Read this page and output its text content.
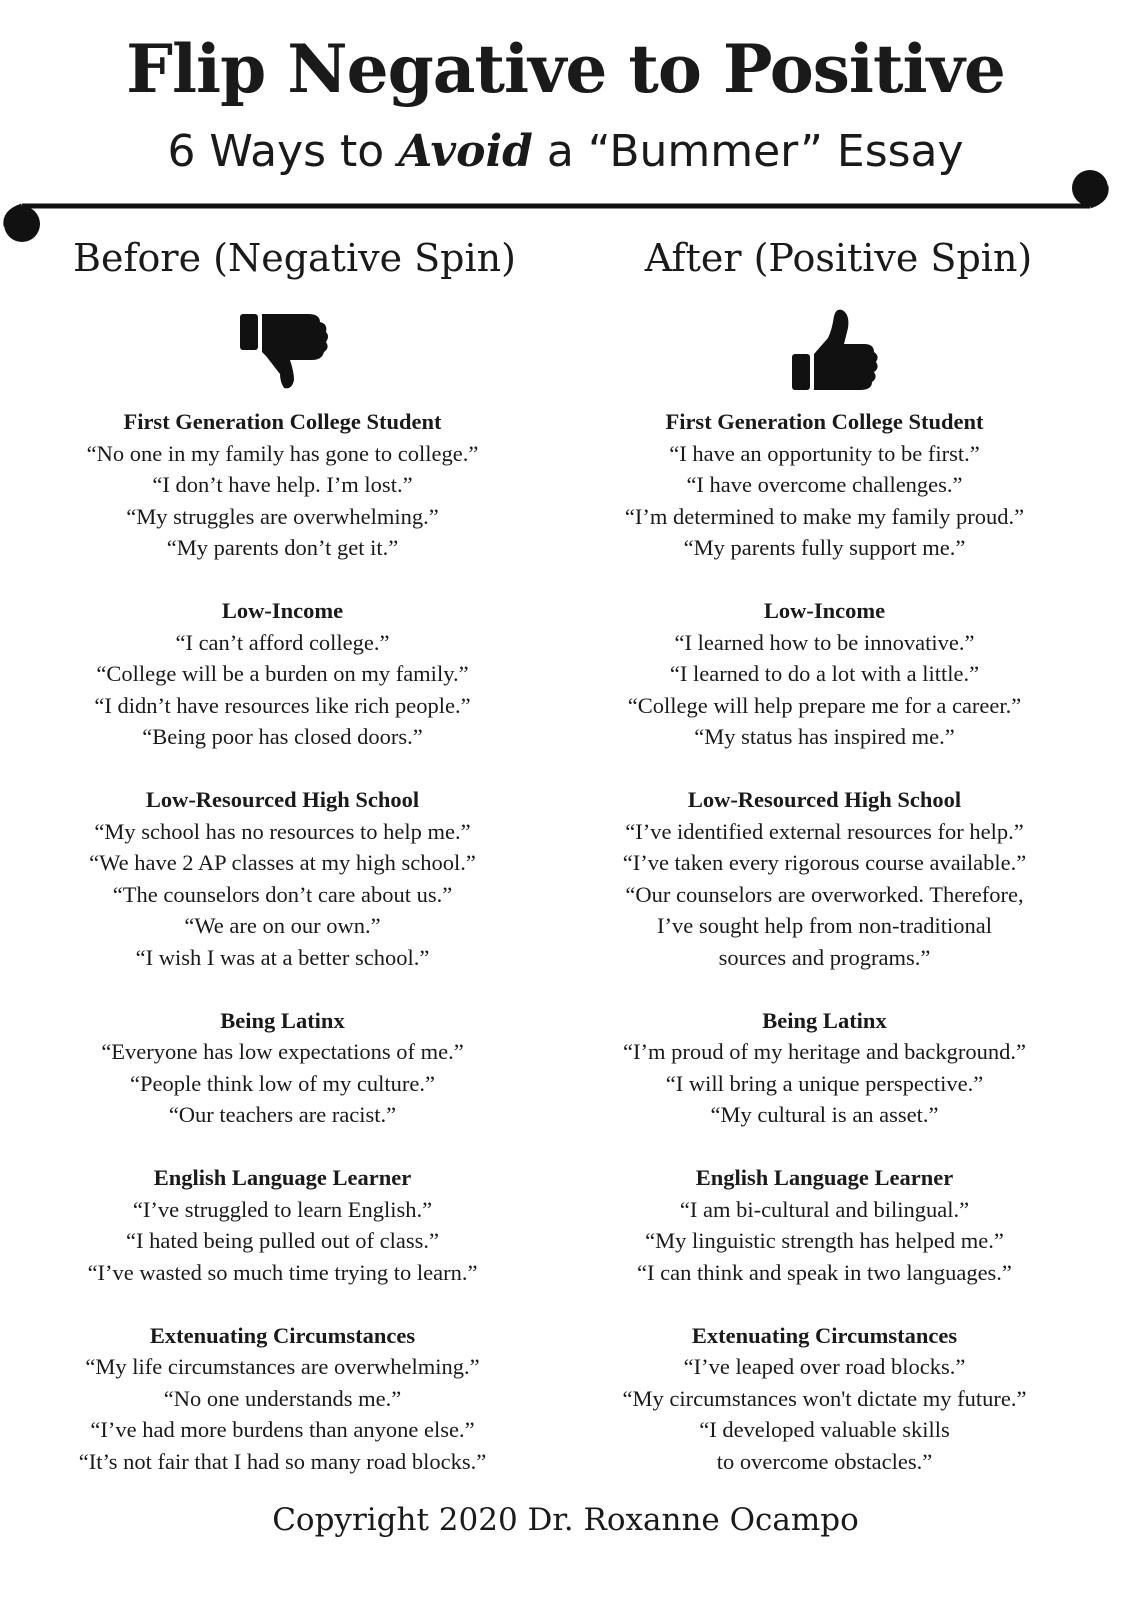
Flip Negative to Positive
6 Ways to Avoid a “Bummer” Essay
Before (Negative Spin)	After (Positive Spin)
First Generation College Student
“No one in my family has gone to college.”
“I don’t have help. I’m lost.”
“My struggles are overwhelming.”
“My parents don’t get it.”
Low-Income
“I can’t afford college.”
“College will be a burden on my family.”
“I didn’t have resources like rich people.”
“Being poor has closed doors.”
Low-Resourced High School
“My school has no resources to help me.”
“We have 2 AP classes at my high school.”
“The counselors don’t care about us.”
“We are on our own.”
“I wish I was at a better school.”
Being Latinx
“Everyone has low expectations of me.”
“People think low of my culture.”
“Our teachers are racist.”
English Language Learner
“I’ve struggled to learn English.”
“I hated being pulled out of class.”
“I’ve wasted so much time trying to learn.”
Extenuating Circumstances
“My life circumstances are overwhelming.”
“No one understands me.”
“I’ve had more burdens than anyone else.”
“It’s not fair that I had so many road blocks.”
First Generation College Student
“I have an opportunity to be first.”
“I have overcome challenges.”
“I’m determined to make my family proud.”
“My parents fully support me.”
Low-Income
“I learned how to be innovative.”
“I learned to do a lot with a little.”
“College will help prepare me for a career.”
“My status has inspired me.”
Low-Resourced High School
“I’ve identified external resources for help.”
“I’ve taken every rigorous course available.”
“Our counselors are overworked. Therefore,
I’ve sought help from non-traditional
sources and programs.”
Being Latinx
“I’m proud of my heritage and background.”
“I will bring a unique perspective.”
“My cultural is an asset.”
English Language Learner
“I am bi-cultural and bilingual.”
“My linguistic strength has helped me.”
“I can think and speak in two languages.”
Extenuating Circumstances
“I’ve leaped over road blocks.”
“My circumstances won't dictate my future.”
“I developed valuable skills
to overcome obstacles.”
Copyright 2020 Dr. Roxanne Ocampo
